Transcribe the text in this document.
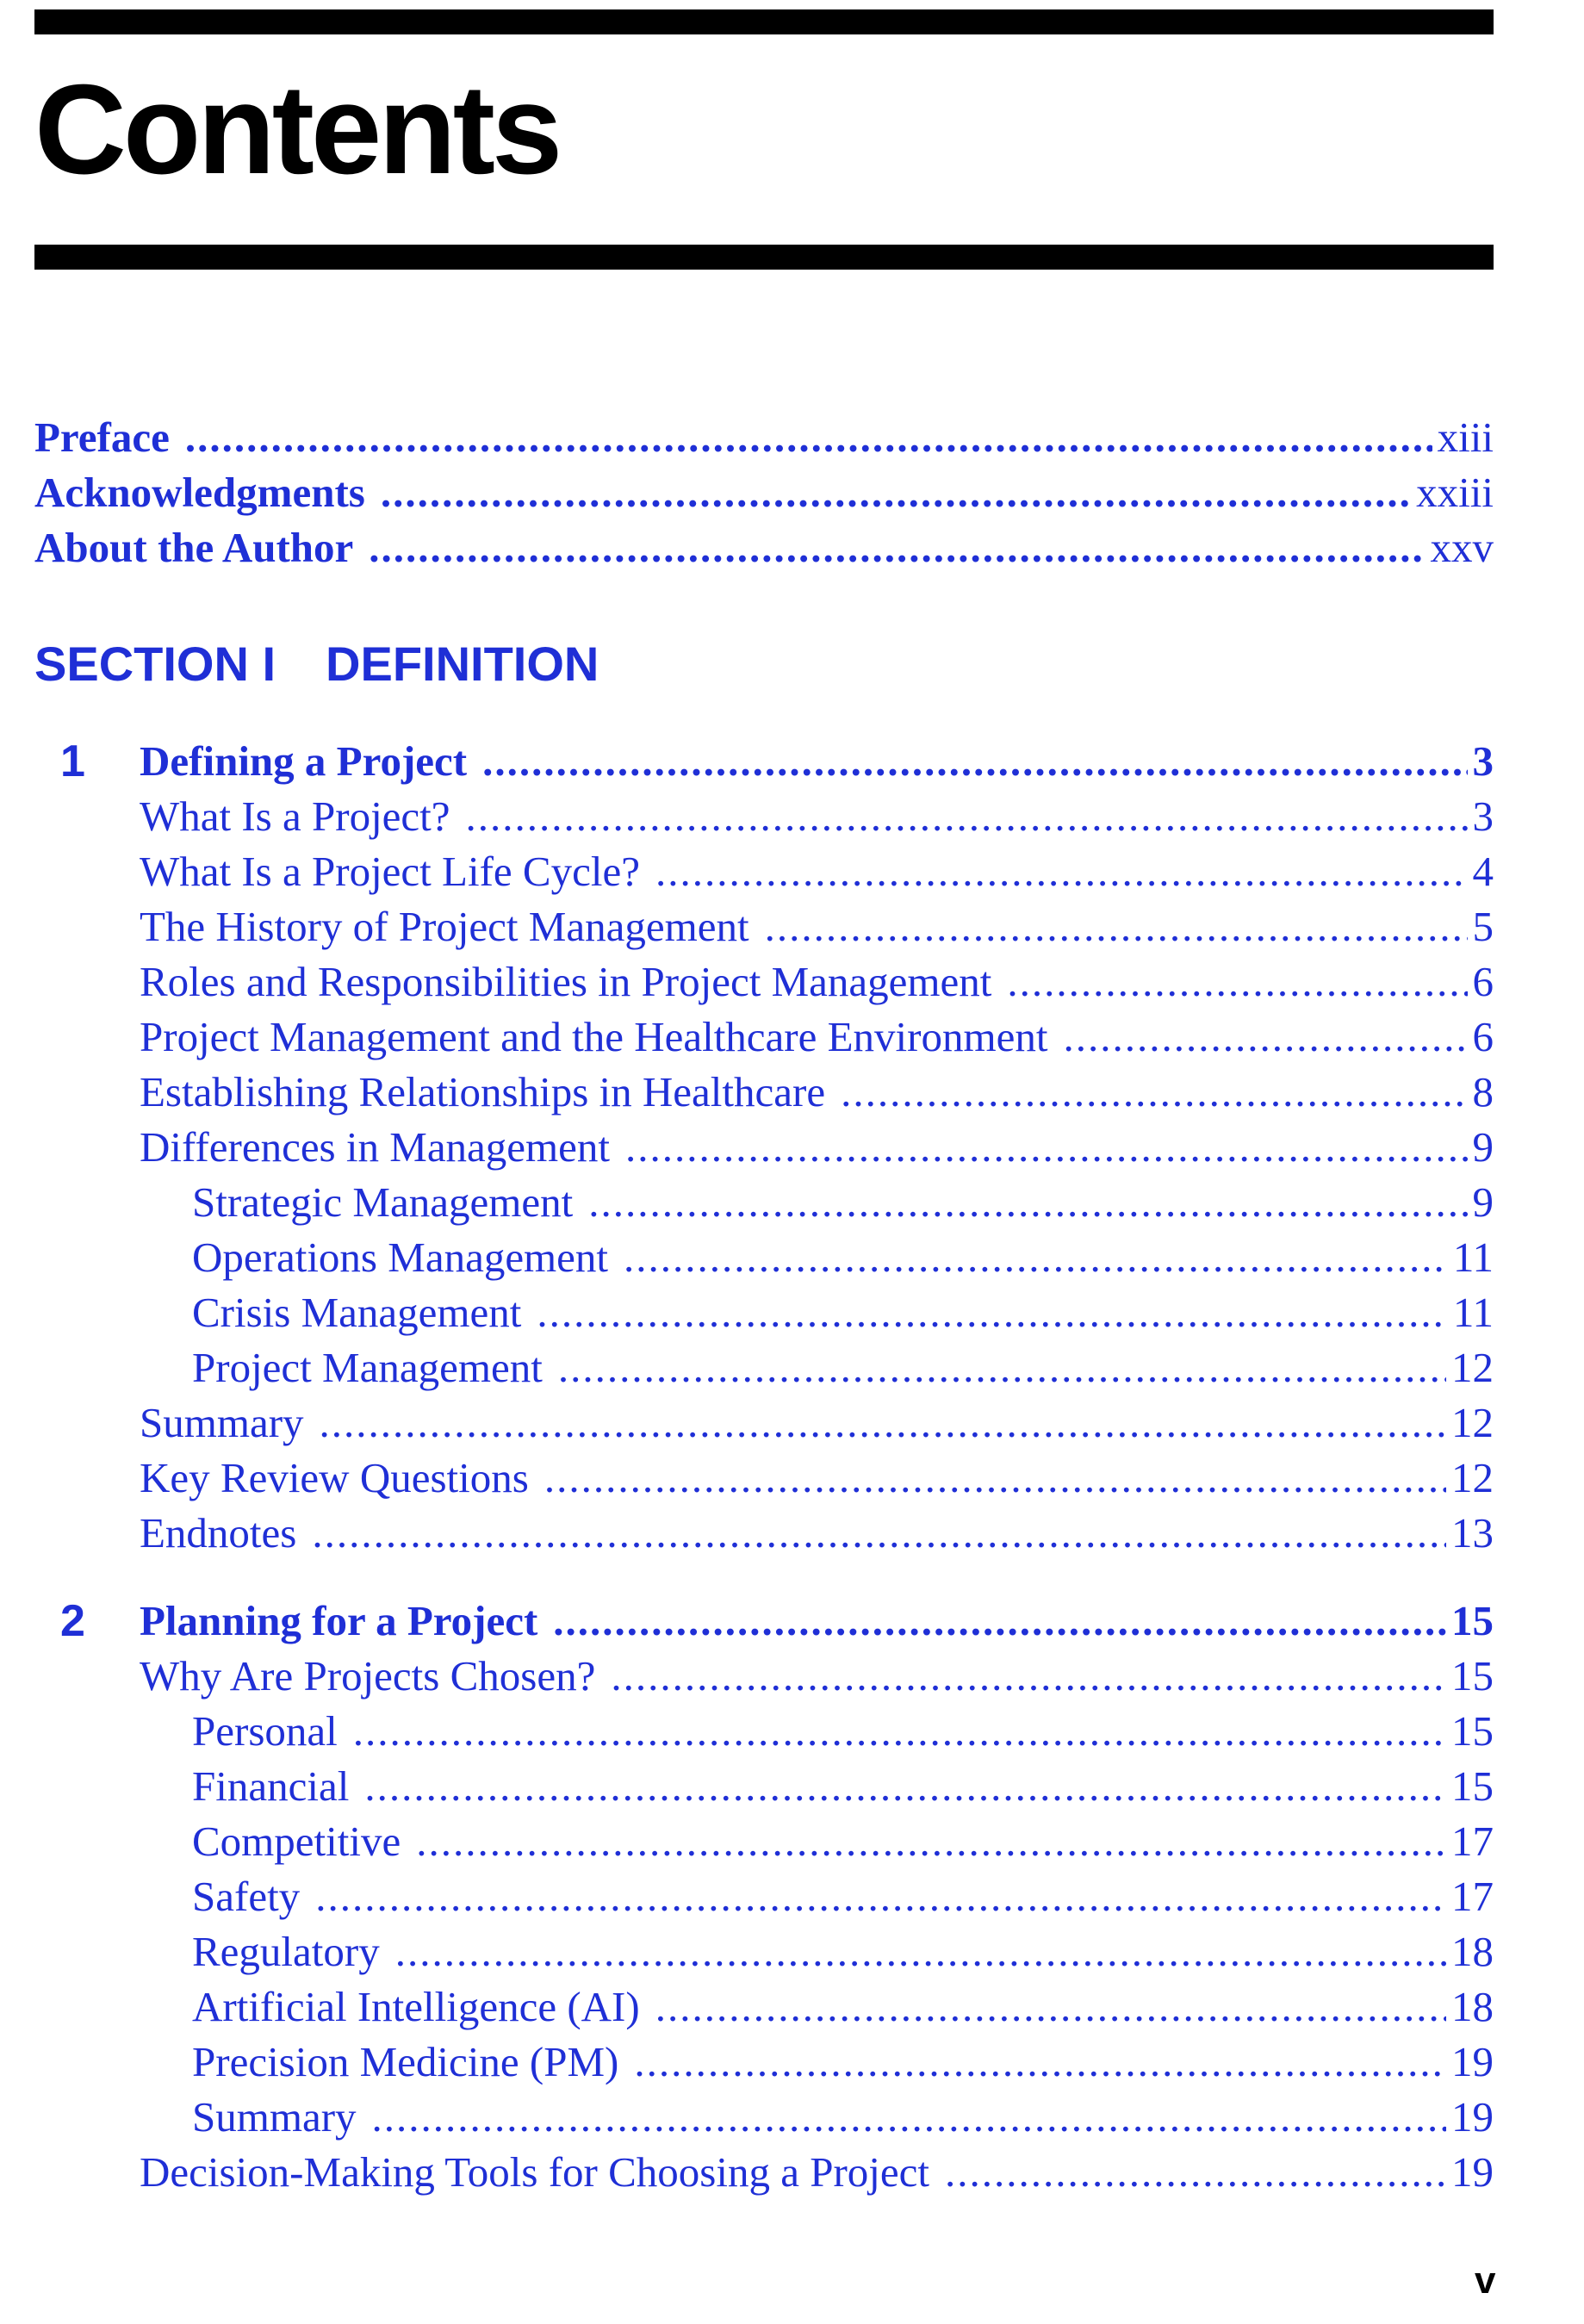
Contents
Preface .....	xiii
Acknowledgments .....	xxiii
About the Author .....	xxv
SECTION I DEFINITION
1 Defining a Project .....	3
What Is a Project? .....	3
What Is a Project Life Cycle? .....	4
The History of Project Management .....	5
Roles and Responsibilities in Project Management .....	6
Project Management and the Healthcare Environment .....	6
Establishing Relationships in Healthcare .....	8
Differences in Management .....	9
Strategic Management .....	9
Operations Management .....	11
Crisis Management .....	11
Project Management .....	12
Summary .....	12
Key Review Questions .....	12
Endnotes .....	13
2 Planning for a Project .....	15
Why Are Projects Chosen? .....	15
Personal .....	15
Financial .....	15
Competitive .....	17
Safety .....	17
Regulatory .....	18
Artificial Intelligence (AI) .....	18
Precision Medicine (PM) .....	19
Summary .....	19
Decision-Making Tools for Choosing a Project .....	19
v
